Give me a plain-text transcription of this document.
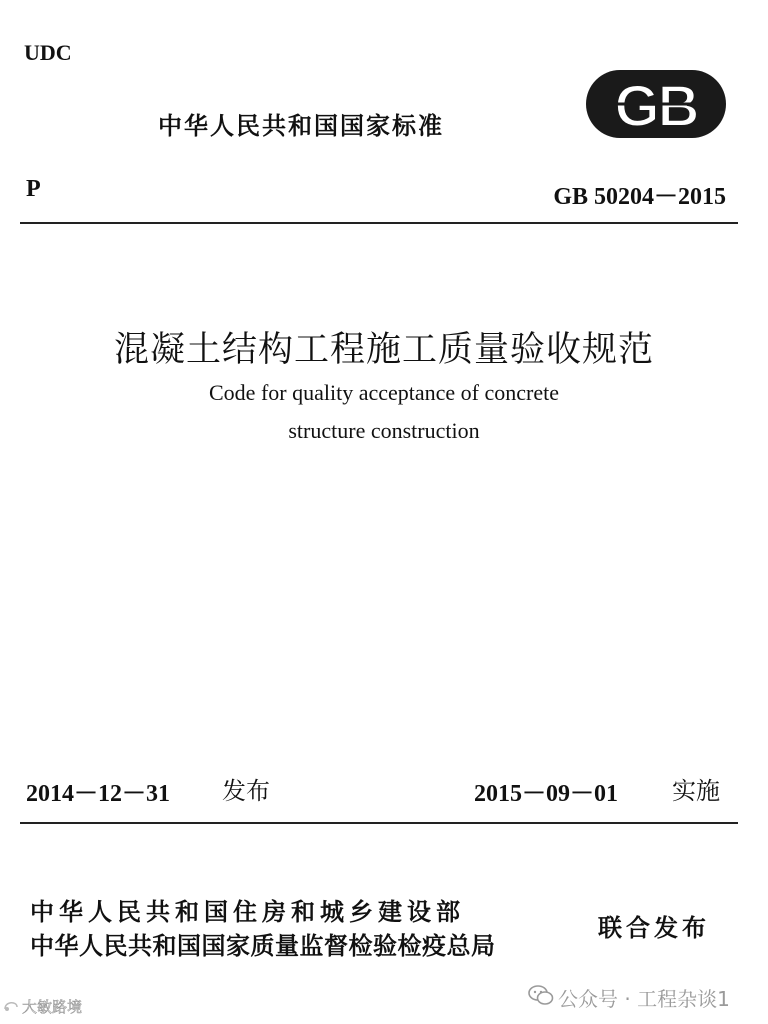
UDC
中华人民共和国国家标准	GB
P	GB 50204－2015
混凝土结构工程施工质量验收规范
Code for quality acceptance of concrete
structure construction
2014－12－31 发布	2015－09－01 实施
中华人民共和国住房和城乡建设部
中华人民共和国国家质量监督检验检疫总局
联合发布
公众号 · 工程杂谈1
大敏路境
